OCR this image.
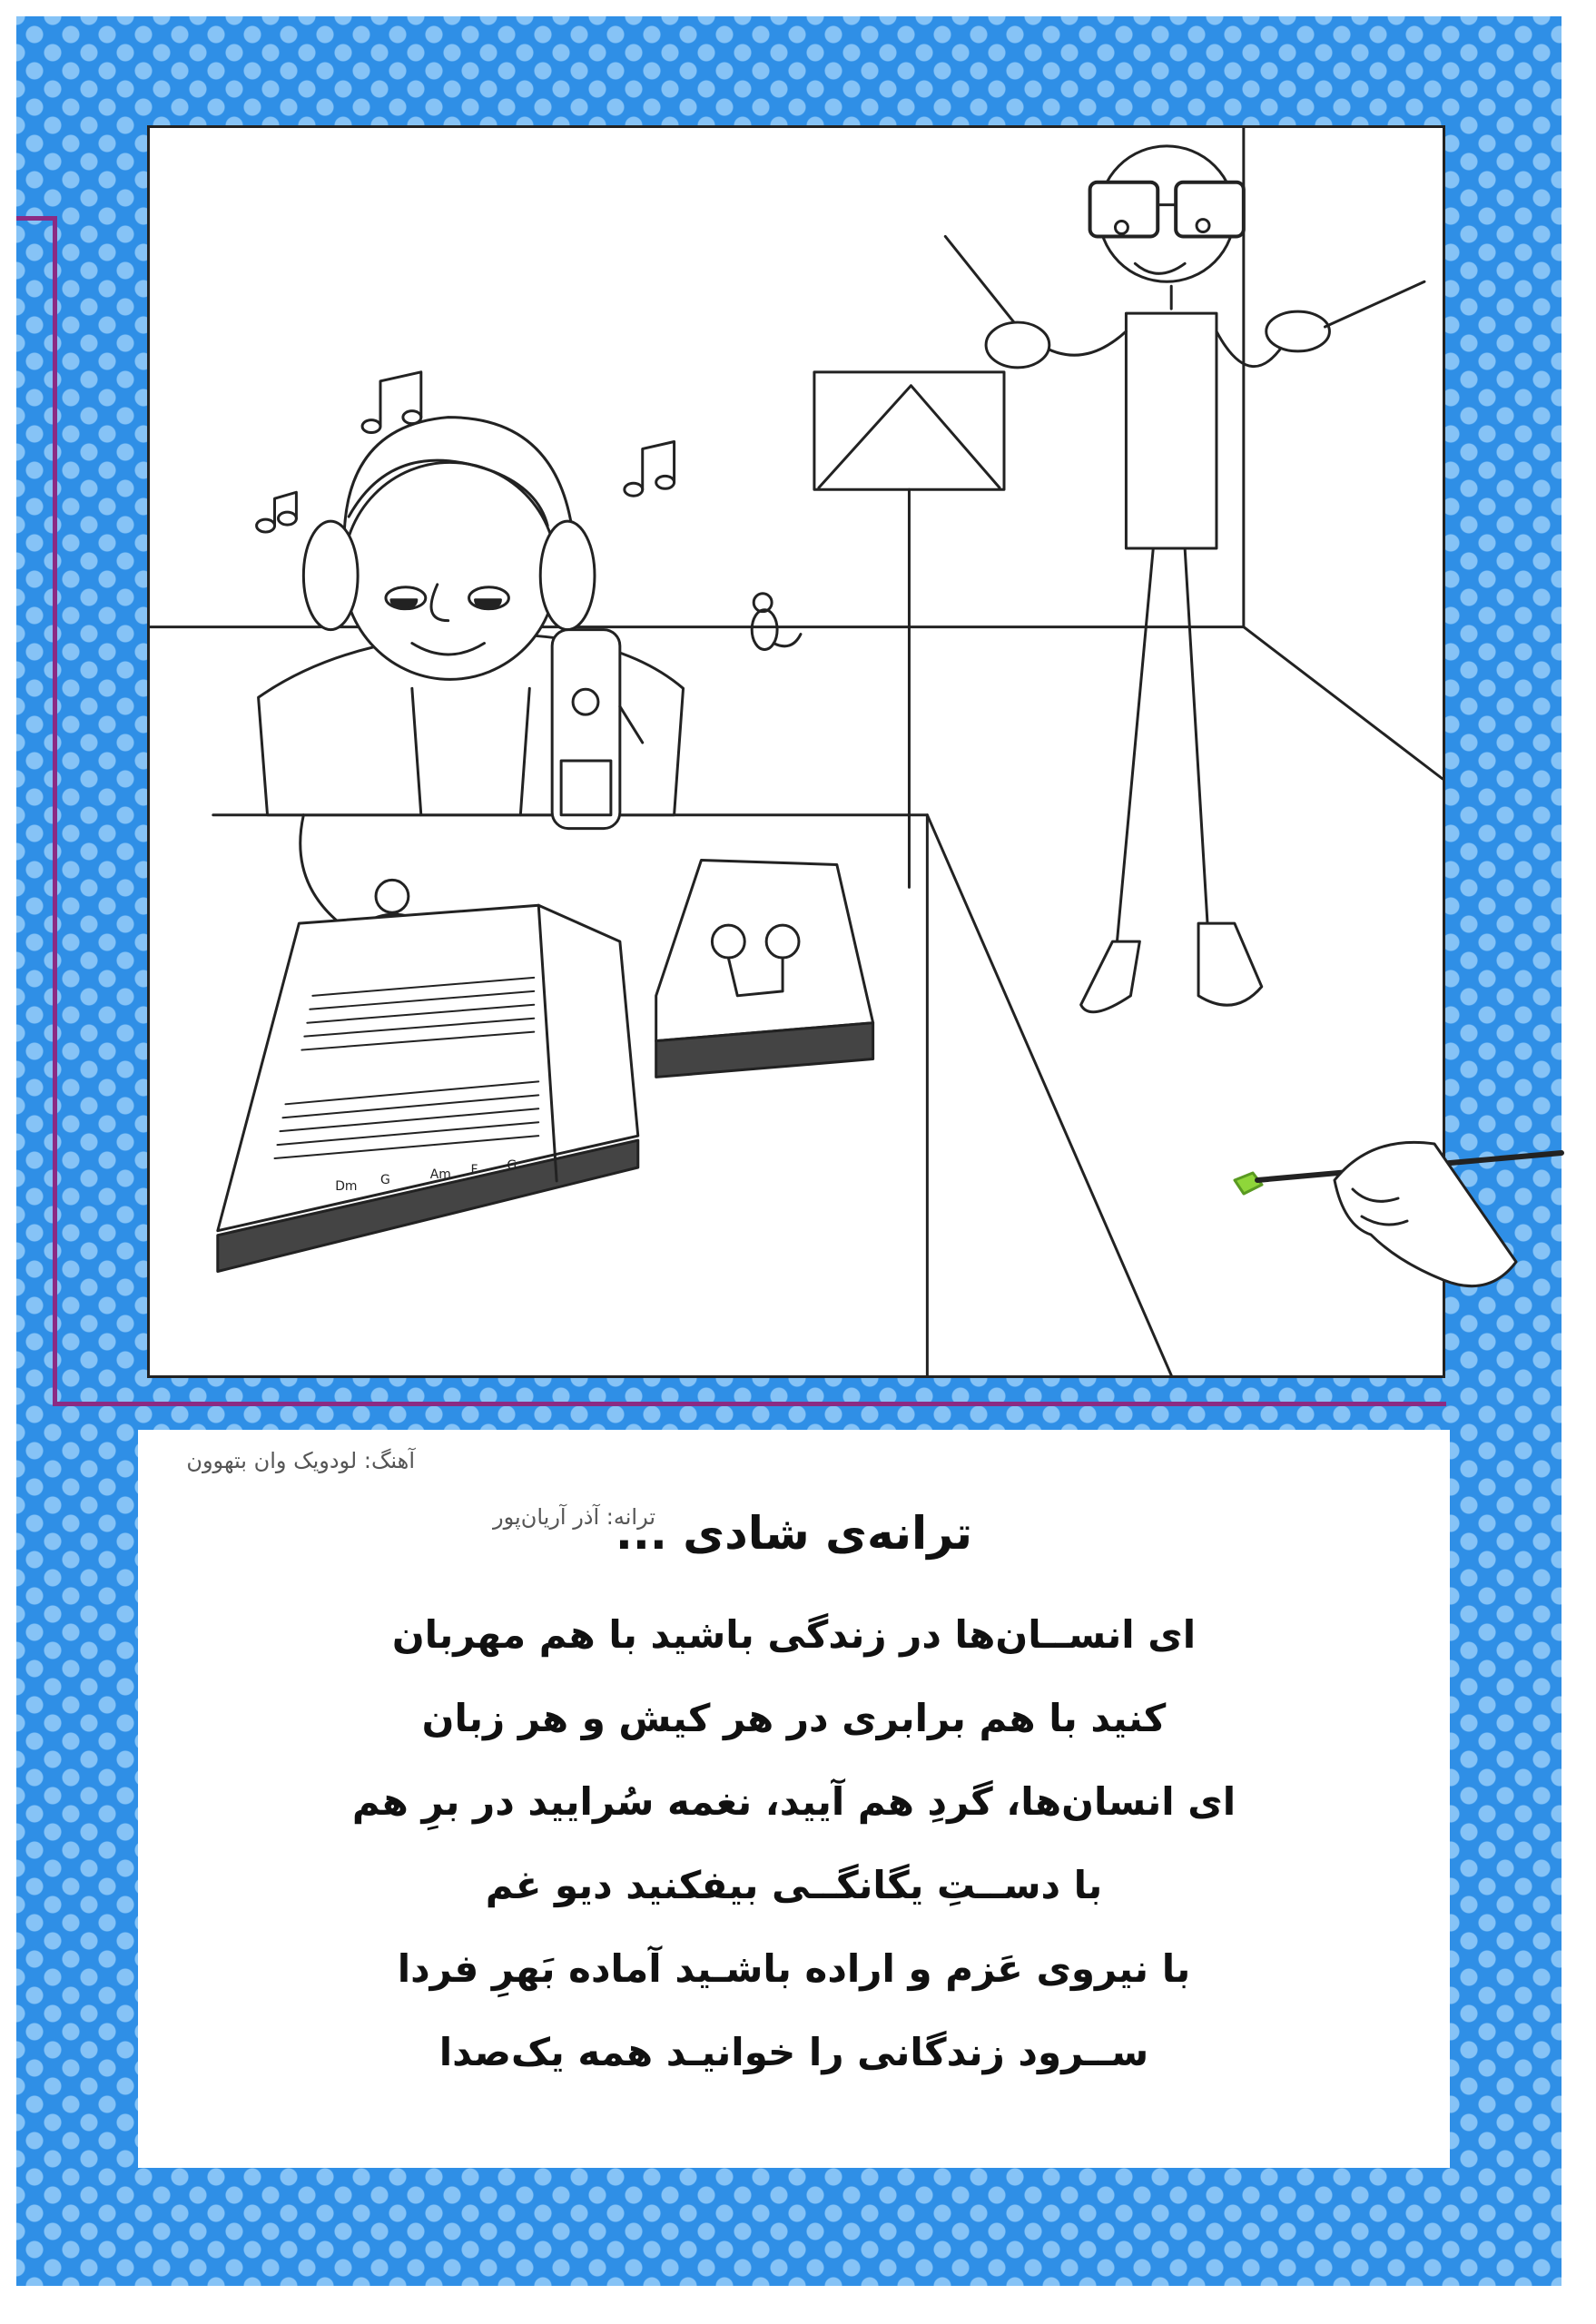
Dm G	Am F G
آهنگ: لودویک وان بتهوون
ترانه: آذر آریان‌پور
ترانه‌ی شادی ...
ای انســان‌ها در زندگی باشید با هم مهربان
کنید با هم برابری در هر کیش و هر زبان
ای انسان‌ها، گردِ هم آیید، نغمه سُرایید در برِ هم
با دســتِ یگانگــی بیفکنید دیو غم
با نیروی عَزم و اراده باشـید آماده بَهرِ فردا
ســرود زندگانی را خوانیـد همه یک‌صدا
